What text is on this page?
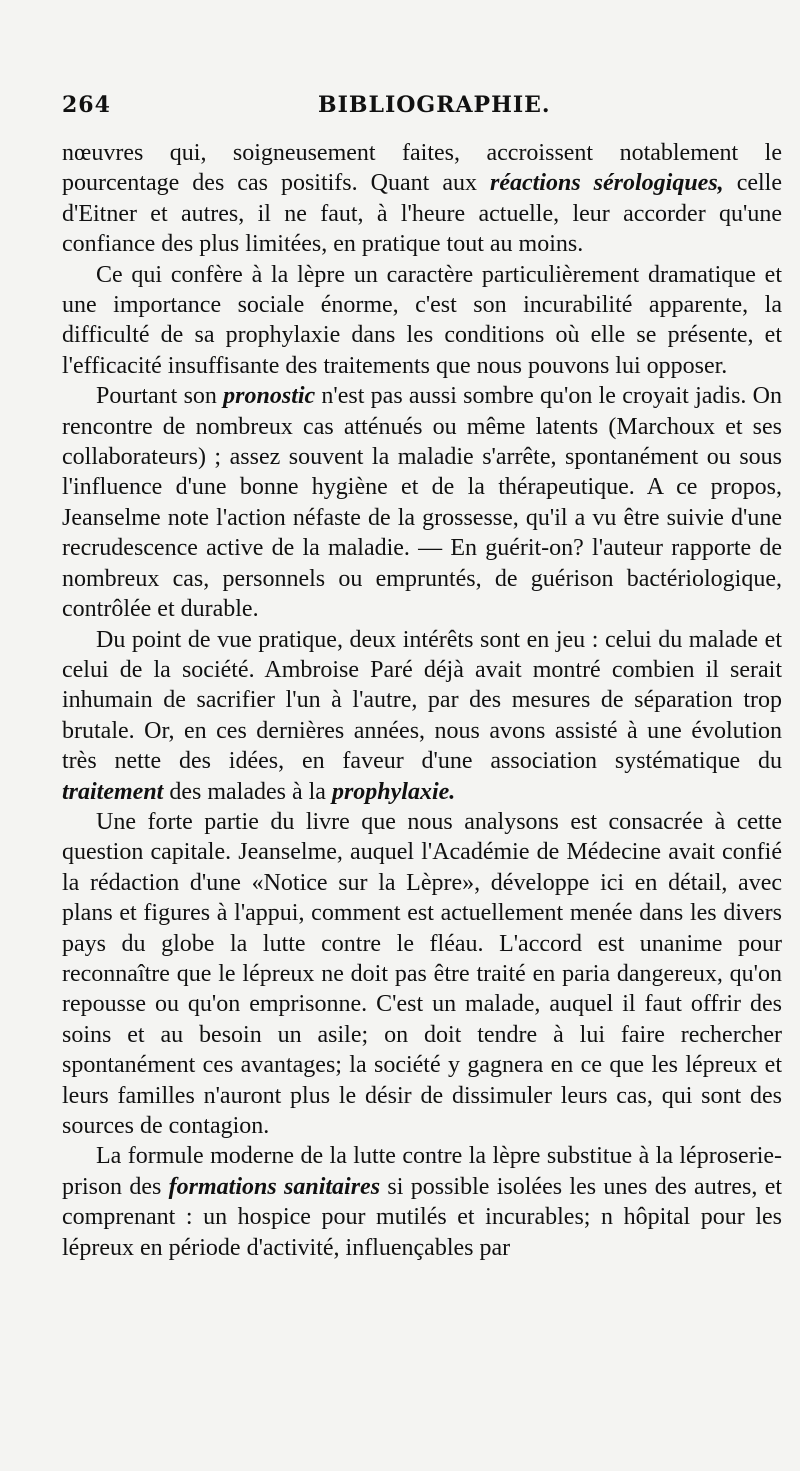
264	BIBLIOGRAPHIE.

nœuvres qui, soigneusement faites, accroissent notablement le pourcentage des cas positifs. Quant aux réactions sérologiques, celle d'Eitner et autres, il ne faut, à l'heure actuelle, leur accorder qu'une confiance des plus limitées, en pratique tout au moins.

Ce qui confère à la lèpre un caractère particulièrement dramatique et une importance sociale énorme, c'est son incurabilité apparente, la difficulté de sa prophylaxie dans les conditions où elle se présente, et l'efficacité insuffisante des traitements que nous pouvons lui opposer.

Pourtant son pronostic n'est pas aussi sombre qu'on le croyait jadis. On rencontre de nombreux cas atténués ou même latents (Marchoux et ses collaborateurs) ; assez souvent la maladie s'arrête, spontanément ou sous l'influence d'une bonne hygiène et de la thérapeutique. A ce propos, Jeanselme note l'action néfaste de la grossesse, qu'il a vu être suivie d'une recrudescence active de la maladie. — En guérit-on? l'auteur rapporte de nombreux cas, personnels ou empruntés, de guérison bactériologique, contrôlée et durable.

Du point de vue pratique, deux intérêts sont en jeu : celui du malade et celui de la société. Ambroise Paré déjà avait montré combien il serait inhumain de sacrifier l'un à l'autre, par des mesures de séparation trop brutale. Or, en ces dernières années, nous avons assisté à une évolution très nette des idées, en faveur d'une association systématique du traitement des malades à la prophylaxie.

Une forte partie du livre que nous analysons est consacrée à cette question capitale. Jeanselme, auquel l'Académie de Médecine avait confié la rédaction d'une «Notice sur la Lèpre», développe ici en détail, avec plans et figures à l'appui, comment est actuellement menée dans les divers pays du globe la lutte contre le fléau. L'accord est unanime pour reconnaître que le lépreux ne doit pas être traité en paria dangereux, qu'on repousse ou qu'on emprisonne. C'est un malade, auquel il faut offrir des soins et au besoin un asile; on doit tendre à lui faire rechercher spontanément ces avantages; la société y gagnera en ce que les lépreux et leurs familles n'auront plus le désir de dissimuler leurs cas, qui sont des sources de contagion.

La formule moderne de la lutte contre la lèpre substitue à la léproserie-prison des formations sanitaires si possible isolées les unes des autres, et comprenant : un hospice pour mutilés et incurables; n hôpital pour les lépreux en période d'activité, influençables par
